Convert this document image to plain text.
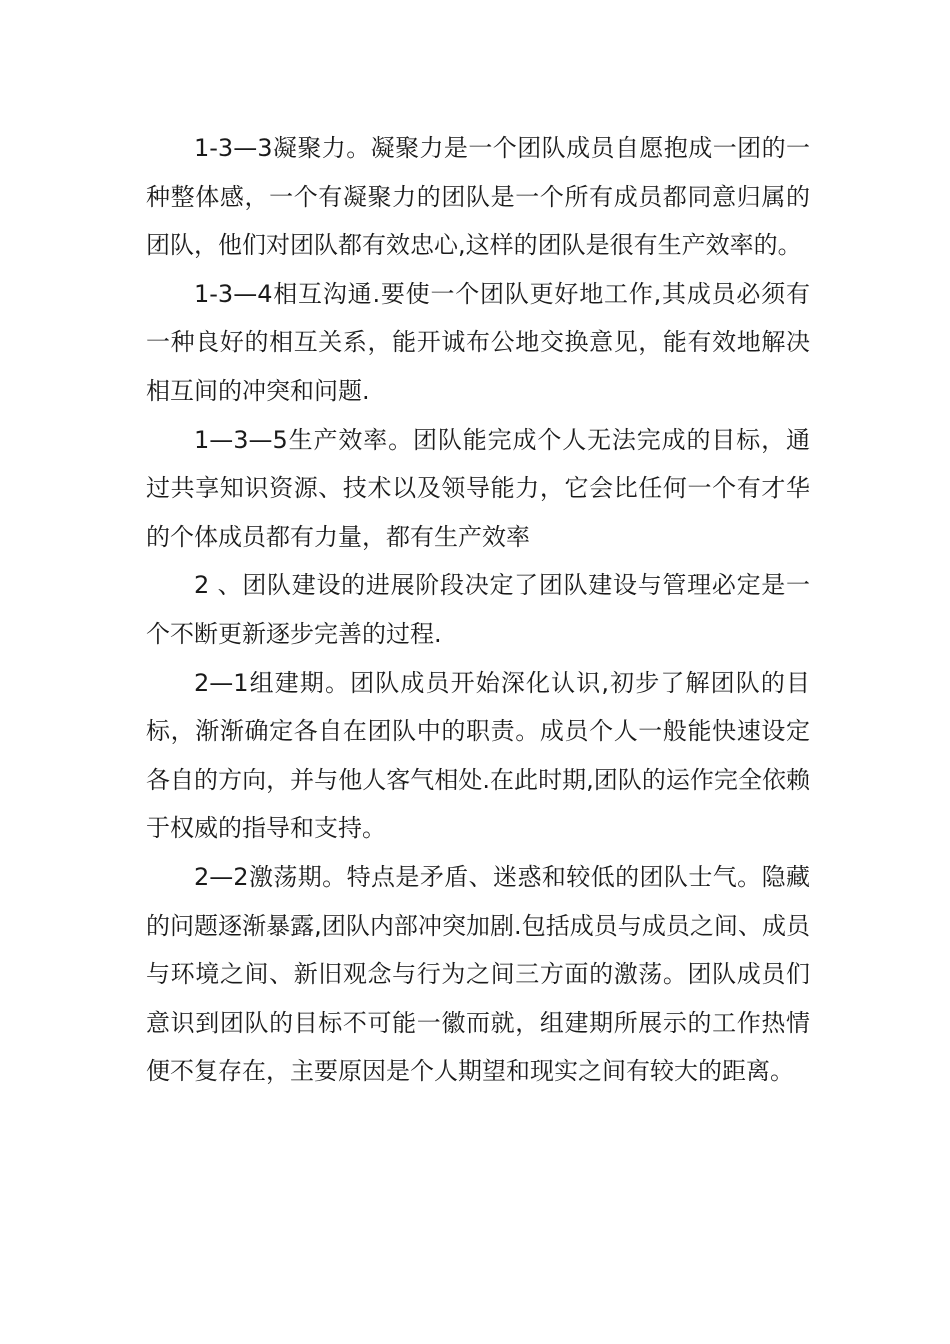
1-3—3凝聚力。凝聚力是一个团队成员自愿抱成一团的一种整体感，一个有凝聚力的团队是一个所有成员都同意归属的团队，他们对团队都有效忠心,这样的团队是很有生产效率的。

1-3—4相互沟通.要使一个团队更好地工作,其成员必须有一种良好的相互关系，能开诚布公地交换意见，能有效地解决相互间的冲突和问题.

1—3—5生产效率。团队能完成个人无法完成的目标，通过共享知识资源、技术以及领导能力，它会比任何一个有才华的个体成员都有力量，都有生产效率

2 、团队建设的进展阶段决定了团队建设与管理必定是一个不断更新逐步完善的过程.

2—1组建期。团队成员开始深化认识,初步了解团队的目标，渐渐确定各自在团队中的职责。成员个人一般能快速设定各自的方向，并与他人客气相处.在此时期,团队的运作完全依赖于权威的指导和支持。

2—2激荡期。特点是矛盾、迷惑和较低的团队士气。隐藏的问题逐渐暴露,团队内部冲突加剧.包括成员与成员之间、成员与环境之间、新旧观念与行为之间三方面的激荡。团队成员们意识到团队的目标不可能一徽而就，组建期所展示的工作热情便不复存在，主要原因是个人期望和现实之间有较大的距离。
